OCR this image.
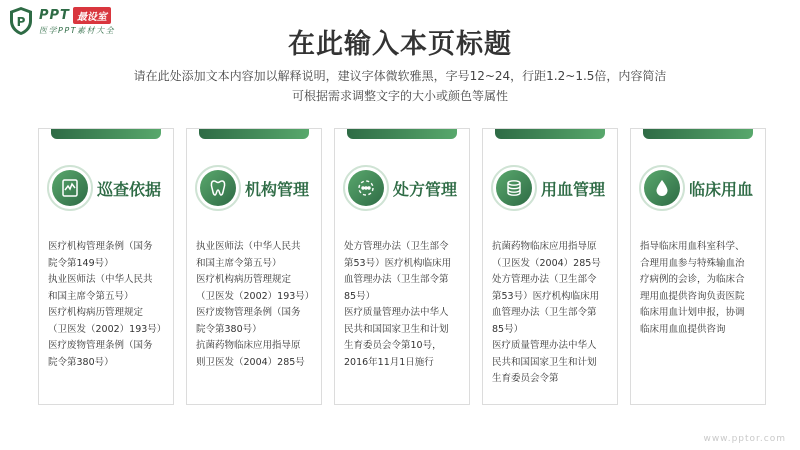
P PPT 最设室
医学PPT素材大全	在此输入本页标题
请在此处添加文本内容加以解释说明，建议字体微软雅黑，字号12~24，行距1.2~1.5倍，内容简洁
可根据需求调整文字的大小或颜色等属性
巡查依据

医疗机构管理条例（国务

院令第149号）

执业医师法（中华人民共

和国主席令第五号）

医疗机构病历管理规定

（卫医发（2002）193号）

医疗废物管理条例（国务

院令第380号）

机构管理

执业医师法（中华人民共

和国主席令第五号）

医疗机构病历管理规定

（卫医发（2002）193号）

医疗废物管理条例（国务

院令第380号）

抗菌药物临床应用指导原

则卫医发（2004）285号

处方管理

处方管理办法（卫生部令

第53号）医疗机构临床用

血管理办法（卫生部令第

85号）

医疗质量管理办法中华人

民共和国国家卫生和计划

生育委员会令第10号，

2016年11月1日施行

用血管理

抗菌药物临床应用指导原

（卫医发（2004）285号

处方管理办法（卫生部令

第53号）医疗机构临床用

血管理办法（卫生部令第

85号）

医疗质量管理办法中华人

民共和国国家卫生和计划

生育委员会令第

临床用血

指导临床用血科室科学、

合理用血参与特殊输血治

疗病例的会诊，为临床合

理用血提供咨询负责医院

临床用血计划申报，协调

临床用血血提供咨询

www.pptor.com
